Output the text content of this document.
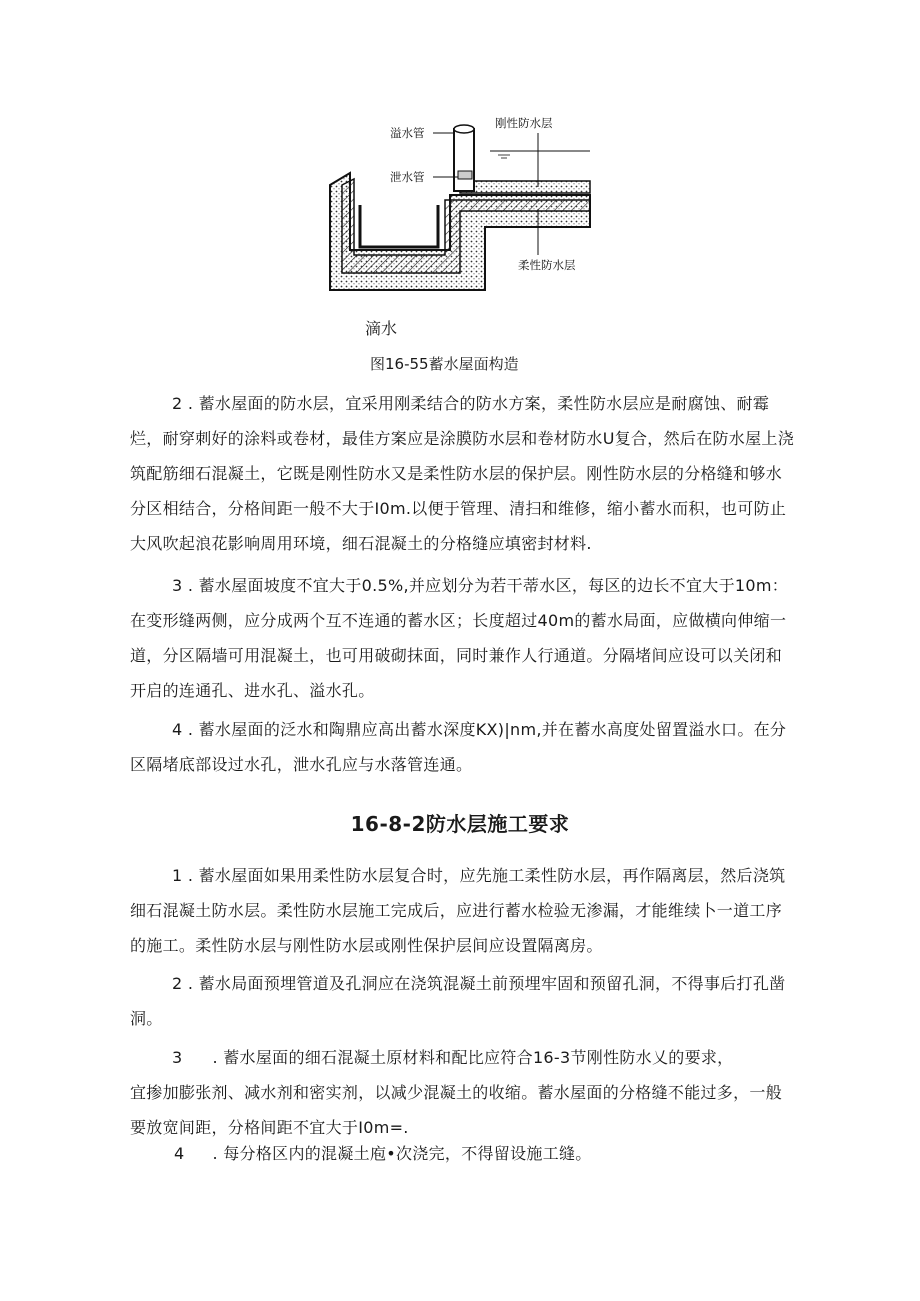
溢水管
刚性防水层
泄水管
柔性防水层
滴水
图16-55蓄水屋面构造
2 . 蓄水屋面的防水层，宜采用刚柔结合的防水方案，柔性防水层应是耐腐蚀、耐霉烂，耐穿刺好的涂料或卷材，最佳方案应是涂膜防水层和卷材防水U复合，然后在防水屋上浇筑配筋细石混凝土，它既是刚性防水又是柔性防水层的保护层。刚性防水层的分格缝和够水分区相结合，分格间距一般不大于I0m.以便于管理、清扫和维修，缩小蓄水而积，也可防止大风吹起浪花影响周用环境，细石混凝土的分格缝应填密封材料.
3 . 蓄水屋面坡度不宜大于0.5%,并应划分为若干蒂水区，每区的边长不宜大于10m：在变形缝两侧，应分成两个互不连通的蓄水区；长度超过40m的蓄水局面，应做横向伸缩一道，分区隔墙可用混凝土，也可用破砌抹面，同时兼作人行通道。分隔堵间应设可以关闭和开启的连通孔、进水孔、溢水孔。
4 . 蓄水屋面的泛水和陶鼎应高出蓄水深度KX)|nm,并在蓄水高度处留置溢水口。在分区隔堵底部设过水孔，泄水孔应与水落管连通。
16-8-2防水层施工要求
1 . 蓄水屋面如果用柔性防水层复合时，应先施工柔性防水层，再作隔离层，然后浇筑细石混凝土防水层。柔性防水层施工完成后，应进行蓄水检验无渗漏，才能维续卜一道工序的施工。柔性防水层与刚性防水层或刚性保护层间应设置隔离房。
2 . 蓄水局面预埋管道及孔洞应在浇筑混凝土前预埋牢固和预留孔洞，不得事后打孔凿洞。
3 . 蓄水屋面的细石混凝土原材料和配比应符合16-3节刚性防水乂的要求，
宜掺加膨张剂、减水剂和密实剂，以减少混凝土的收缩。蓄水屋面的分格缝不能过多，一般要放宽间距，分格间距不宜大于I0m=.
4 . 每分格区内的混凝土庖•次浇完，不得留设施工缝。
